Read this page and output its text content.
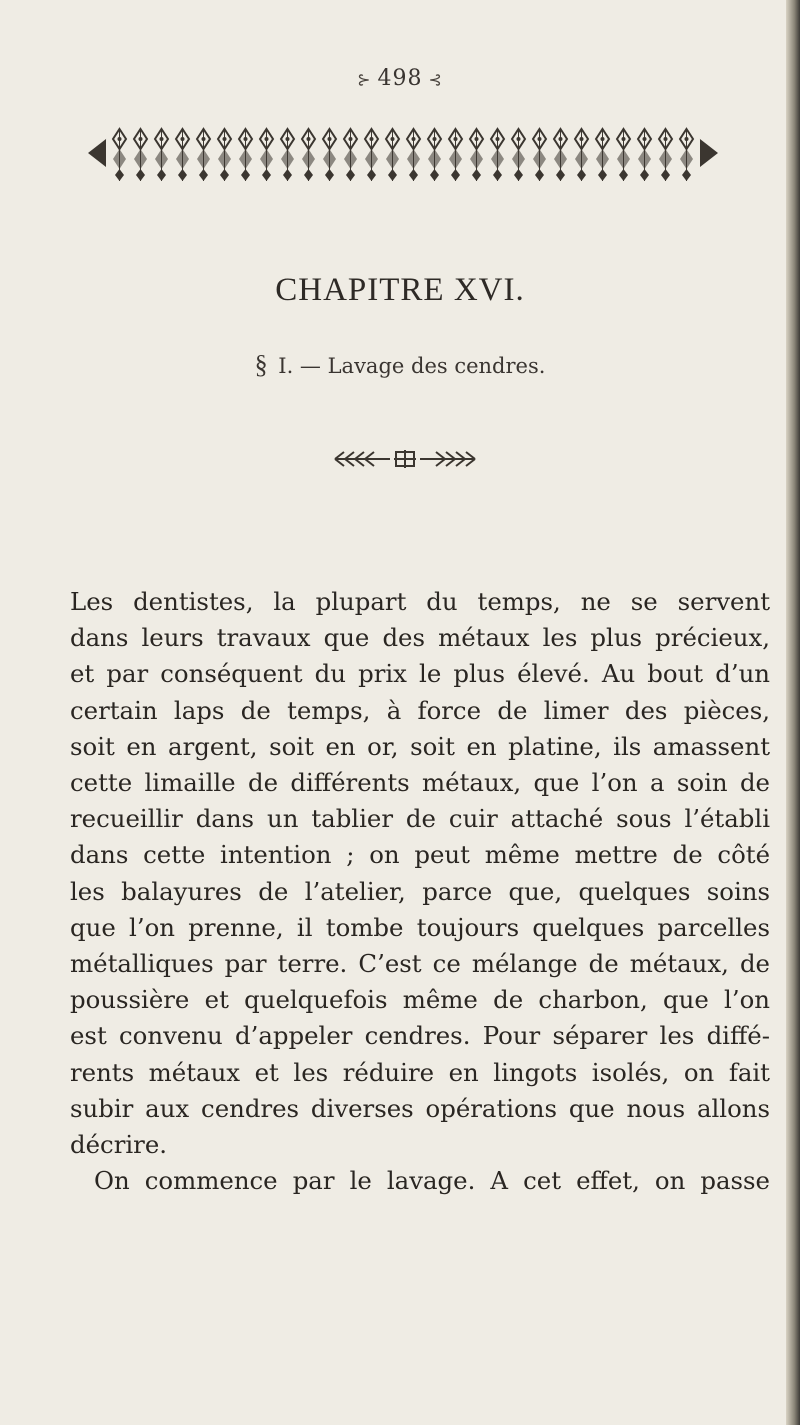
⊱ 498 ⊰
CHAPITRE XVI.
§ I. — Lavage des cendres.

Les dentistes, la plupart du temps, ne se servent
dans leurs travaux que des métaux les plus précieux,
et par conséquent du prix le plus élevé. Au bout d’un
certain laps de temps, à force de limer des pièces,
soit en argent, soit en or, soit en platine, ils amassent
cette limaille de différents métaux, que l’on a soin de
recueillir dans un tablier de cuir attaché sous l’établi
dans cette intention ; on peut même mettre de côté
les balayures de l’atelier, parce que, quelques soins
que l’on prenne, il tombe toujours quelques parcelles
métalliques par terre. C’est ce mélange de métaux, de
poussière et quelquefois même de charbon, que l’on
est convenu d’appeler cendres. Pour séparer les diffé-
rents métaux et les réduire en lingots isolés, on fait
subir aux cendres diverses opérations que nous allons
décrire.

On commence par le lavage. A cet effet, on passe
